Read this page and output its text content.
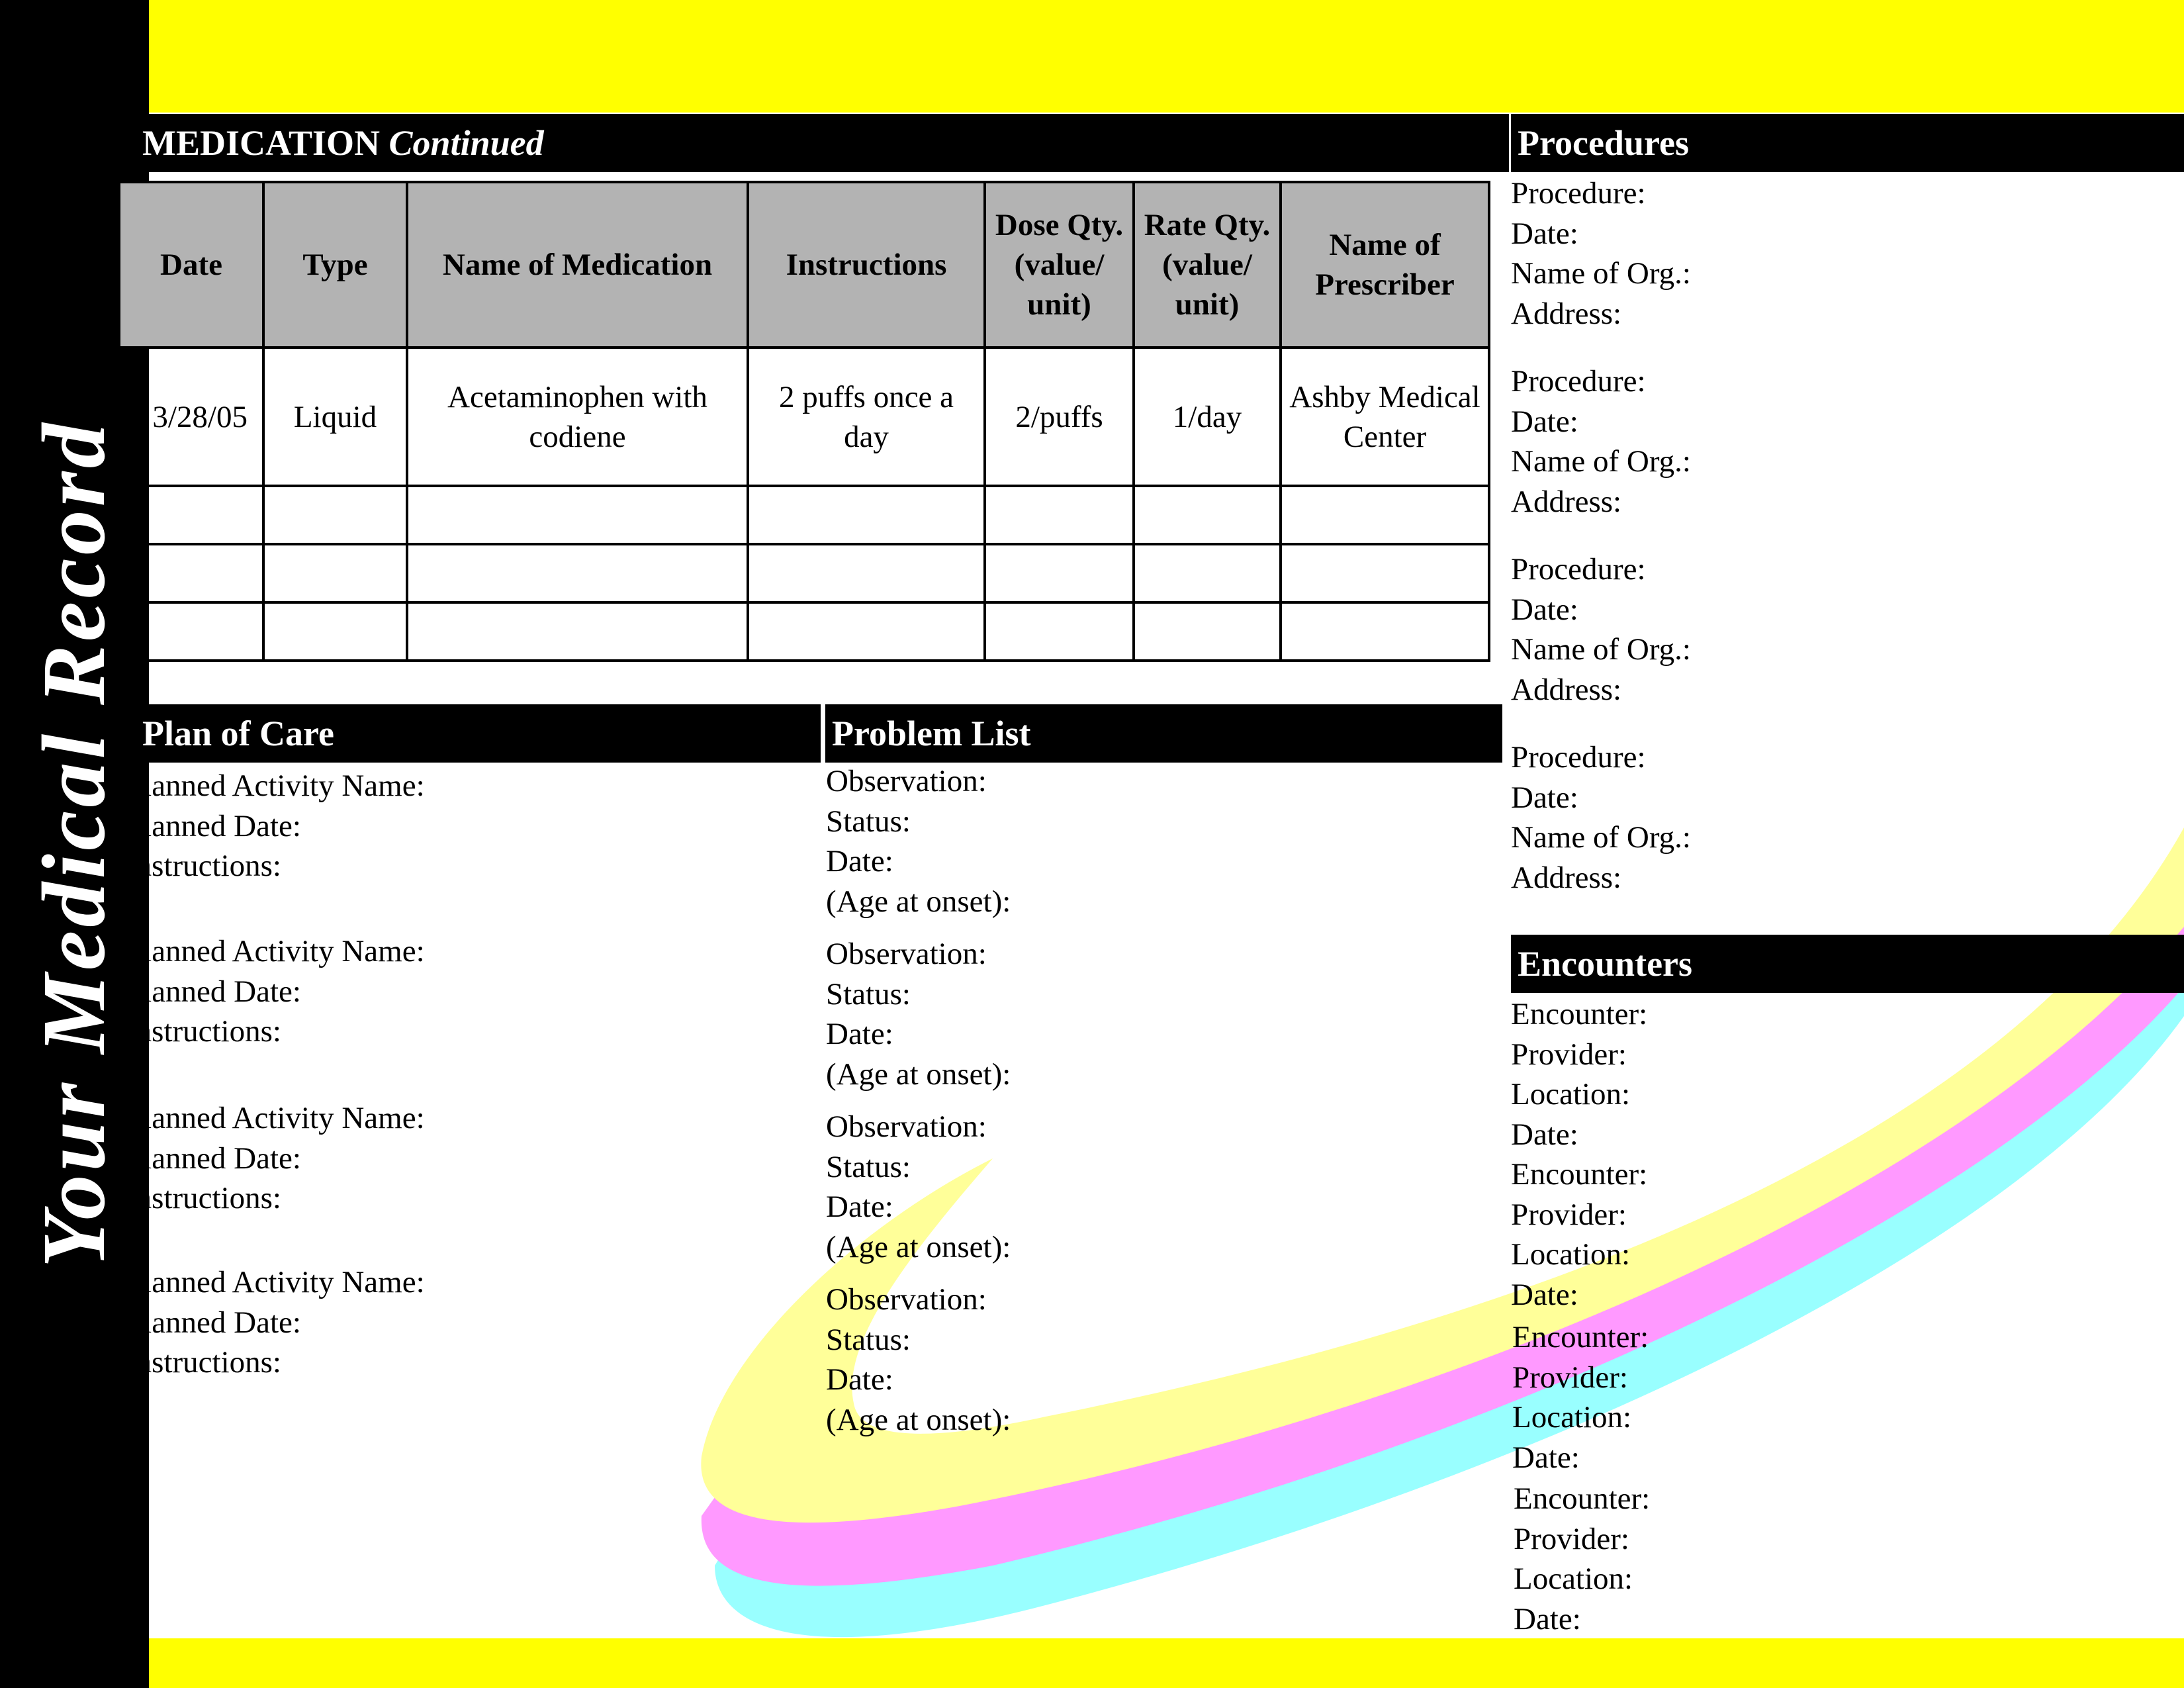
Your Medical Record
MEDICATION Continued
Date	Type	Name of Medication	Instructions	Dose Qty. (value/ unit)	Rate Qty. (value/ unit)	Name of Prescriber
3/28/05	Liquid	Acetaminophen with codiene	2 puffs once a day	2/puffs	1/day	Ashby Medical Center

Plan of Care
Planned Activity Name:
Planned Date:
Instructions:
Planned Activity Name:
Planned Date:
Instructions:
Planned Activity Name:
Planned Date:
Instructions:
Planned Activity Name:
Planned Date:
Instructions:
Problem List
Observation:
Status:
Date:
(Age at onset):
Observation:
Status:
Date:
(Age at onset):
Observation:
Status:
Date:
(Age at onset):
Observation:
Status:
Date:
(Age at onset):
Procedures
Procedure:
Date:
Name of Org.:
Address:
Procedure:
Date:
Name of Org.:
Address:
Procedure:
Date:
Name of Org.:
Address:
Procedure:
Date:
Name of Org.:
Address:
Encounters
Encounter:
Provider:
Location:
Date:
Encounter:
Provider:
Location:
Date:
Encounter:
Provider:
Location:
Date:
Encounter:
Provider:
Location:
Date:
